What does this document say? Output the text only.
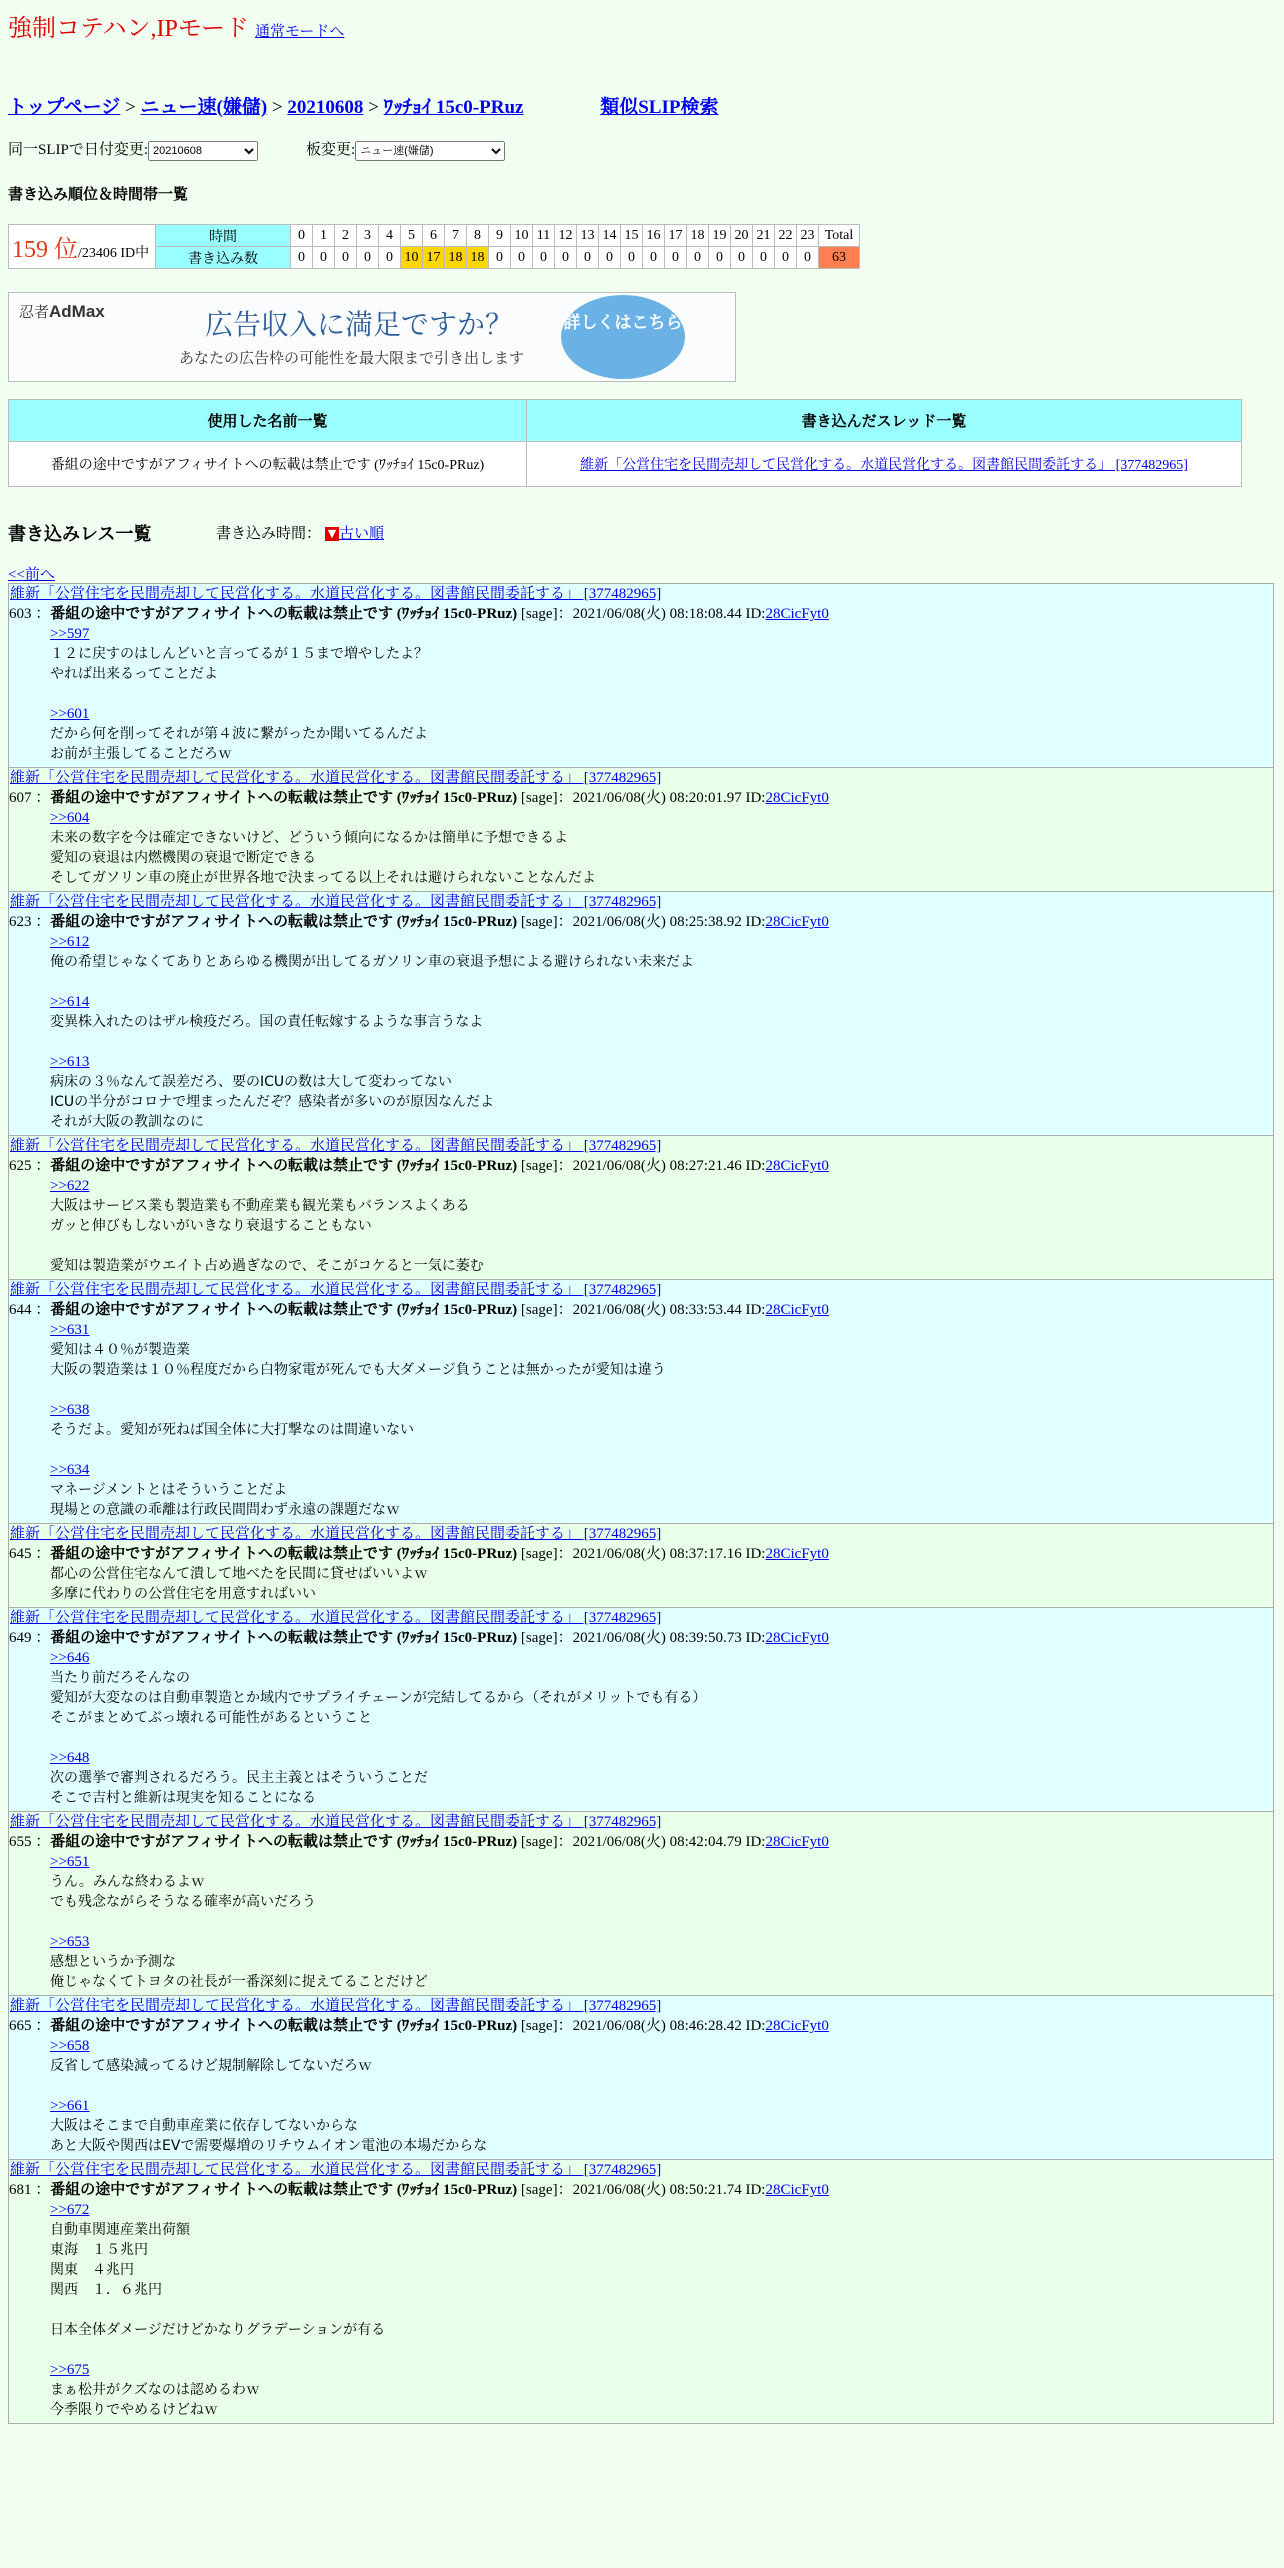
強制コテハン,IPモード 通常モードへ
トップページ > ニュー速(嫌儲) > 20210608 > ﾜｯﾁｮｲ 15c0-PRuz	類似SLIP検索
同一SLIPで日付変更:
20210608	板変更:
ニュー速(嫌儲)
書き込み順位＆時間帯一覧
159 位/23406 ID中	時間	0	1	2	3	4	5	6	7	8	9	10	11	12	13	14	15	16	17	18	19	20	21	22	23	Total
	書き込み数	0	0	0	0	0	10	17	18	18	0	0	0	0	0	0	0	0	0	0	0	0	0	0	0	63
忍者AdMax	広告収入に満足ですか？
あなたの広告枠の可能性を最大限まで引き出します
詳しくはこちら
使用した名前一覧	書き込んだスレッド一覧
番組の途中ですがアフィサイトへの転載は禁止です (ﾜｯﾁｮｲ 15c0-PRuz)	維新「公営住宅を民間売却して民営化する。水道民営化する。図書館民間委託する」 [377482965]
書き込みレス一覧	書き込み時間： ▼ 古い順
<<前へ
維新「公営住宅を民間売却して民営化する。水道民営化する。図書館民間委託する」 [377482965]
603 ：番組の途中ですがアフィサイトへの転載は禁止です (ﾜｯﾁｮｲ 15c0-PRuz) [sage]：2021/06/08(火) 08:18:08.44 ID:28CicFyt0
>>597
１２に戻すのはしんどいと言ってるが１５まで増やしたよ？
やれば出来るってことだよ
>>601
だから何を削ってそれが第４波に繋がったか聞いてるんだよ
お前が主張してることだろｗ
維新「公営住宅を民間売却して民営化する。水道民営化する。図書館民間委託する」 [377482965]
607 ：番組の途中ですがアフィサイトへの転載は禁止です (ﾜｯﾁｮｲ 15c0-PRuz) [sage]：2021/06/08(火) 08:20:01.97 ID:28CicFyt0
>>604
未来の数字を今は確定できないけど、どういう傾向になるかは簡単に予想できるよ
愛知の衰退は内燃機関の衰退で断定できる
そしてガソリン車の廃止が世界各地で決まってる以上それは避けられないことなんだよ
維新「公営住宅を民間売却して民営化する。水道民営化する。図書館民間委託する」 [377482965]
623 ：番組の途中ですがアフィサイトへの転載は禁止です (ﾜｯﾁｮｲ 15c0-PRuz) [sage]：2021/06/08(火) 08:25:38.92 ID:28CicFyt0
>>612
俺の希望じゃなくてありとあらゆる機関が出してるガソリン車の衰退予想による避けられない未来だよ
>>614
変異株入れたのはザル検疫だろ。国の責任転嫁するような事言うなよ
>>613
病床の３％なんて誤差だろ、要のICUの数は大して変わってない
ICUの半分がコロナで埋まったんだぞ？感染者が多いのが原因なんだよ
それが大阪の教訓なのに
維新「公営住宅を民間売却して民営化する。水道民営化する。図書館民間委託する」 [377482965]
625 ：番組の途中ですがアフィサイトへの転載は禁止です (ﾜｯﾁｮｲ 15c0-PRuz) [sage]：2021/06/08(火) 08:27:21.46 ID:28CicFyt0
>>622
大阪はサービス業も製造業も不動産業も観光業もバランスよくある
ガッと伸びもしないがいきなり衰退することもない
愛知は製造業がウエイト占め過ぎなので、そこがコケると一気に萎む
維新「公営住宅を民間売却して民営化する。水道民営化する。図書館民間委託する」 [377482965]
644 ：番組の途中ですがアフィサイトへの転載は禁止です (ﾜｯﾁｮｲ 15c0-PRuz) [sage]：2021/06/08(火) 08:33:53.44 ID:28CicFyt0
>>631
愛知は４０％が製造業
大阪の製造業は１０％程度だから白物家電が死んでも大ダメージ負うことは無かったが愛知は違う
>>638
そうだよ。愛知が死ねば国全体に大打撃なのは間違いない
>>634
マネージメントとはそういうことだよ
現場との意識の乖離は行政民間問わず永遠の課題だなｗ
維新「公営住宅を民間売却して民営化する。水道民営化する。図書館民間委託する」 [377482965]
645 ：番組の途中ですがアフィサイトへの転載は禁止です (ﾜｯﾁｮｲ 15c0-PRuz) [sage]：2021/06/08(火) 08:37:17.16 ID:28CicFyt0
都心の公営住宅なんて潰して地べたを民間に貸せばいいよｗ
多摩に代わりの公営住宅を用意すればいい
維新「公営住宅を民間売却して民営化する。水道民営化する。図書館民間委託する」 [377482965]
649 ：番組の途中ですがアフィサイトへの転載は禁止です (ﾜｯﾁｮｲ 15c0-PRuz) [sage]：2021/06/08(火) 08:39:50.73 ID:28CicFyt0
>>646
当たり前だろそんなの
愛知が大変なのは自動車製造とか域内でサプライチェーンが完結してるから（それがメリットでも有る）
そこがまとめてぶっ壊れる可能性があるということ
>>648
次の選挙で審判されるだろう。民主主義とはそういうことだ
そこで吉村と維新は現実を知ることになる
維新「公営住宅を民間売却して民営化する。水道民営化する。図書館民間委託する」 [377482965]
655 ：番組の途中ですがアフィサイトへの転載は禁止です (ﾜｯﾁｮｲ 15c0-PRuz) [sage]：2021/06/08(火) 08:42:04.79 ID:28CicFyt0
>>651
うん。みんな終わるよｗ
でも残念ながらそうなる確率が高いだろう
>>653
感想というか予測な
俺じゃなくてトヨタの社長が一番深刻に捉えてることだけど
維新「公営住宅を民間売却して民営化する。水道民営化する。図書館民間委託する」 [377482965]
665 ：番組の途中ですがアフィサイトへの転載は禁止です (ﾜｯﾁｮｲ 15c0-PRuz) [sage]：2021/06/08(火) 08:46:28.42 ID:28CicFyt0
>>658
反省して感染減ってるけど規制解除してないだろｗ
>>661
大阪はそこまで自動車産業に依存してないからな
あと大阪や関西はEVで需要爆増のリチウムイオン電池の本場だからな
維新「公営住宅を民間売却して民営化する。水道民営化する。図書館民間委託する」 [377482965]
681 ：番組の途中ですがアフィサイトへの転載は禁止です (ﾜｯﾁｮｲ 15c0-PRuz) [sage]：2021/06/08(火) 08:50:21.74 ID:28CicFyt0
>>672
自動車関連産業出荷額
東海　１５兆円
関東　４兆円
関西　１．６兆円
日本全体ダメージだけどかなりグラデーションが有る
>>675
まぁ松井がクズなのは認めるわｗ
今季限りでやめるけどねｗ
